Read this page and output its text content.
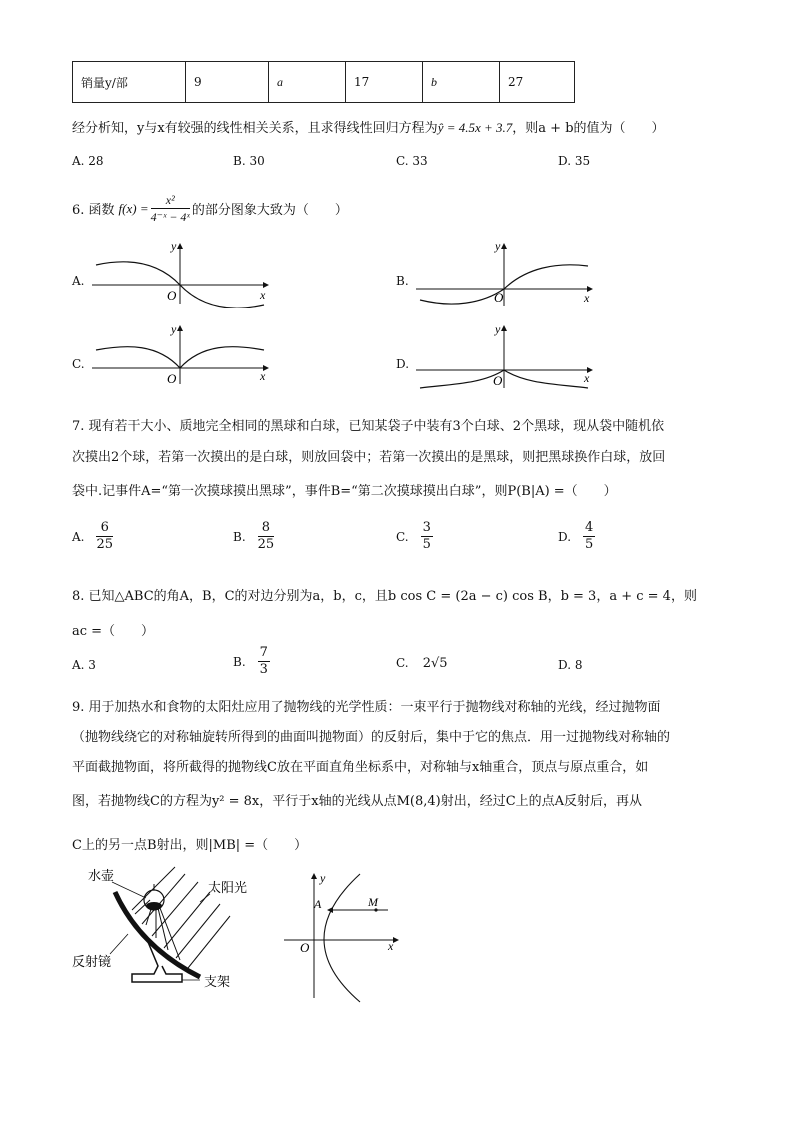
销量y/部	9	a	17	b	27
经分析知，y与x有较强的线性相关关系，且求得线性回归方程为ŷ = 4.5x + 3.7，则a + b的值为（　　）
A. 28	B. 30	C. 33	D. 35
6. 函数 $f(x) = \frac{\text{x²}}{\text{4⁻ˣ − 4ˣ}}$ 的部分图象大致为（　　）
A.	B.
C.	D.
y
x
O
y
x
O
y
x
O
y
x
O
7. 现有若干大小、质地完全相同的黑球和白球，已知某袋子中装有3个白球、2个黑球，现从袋中随机依
次摸出2个球，若第一次摸出的是白球，则放回袋中；若第一次摸出的是黑球，则把黑球换作白球，放回
袋中.记事件A=“第一次摸球摸出黑球”，事件B=“第二次摸球摸出白球”，则P(B|A) =（　　）
A. $\frac{6}{25}$	B. $\frac{8}{25}$	C. $\frac{3}{5}$	D. $\frac{4}{5}$
8. 已知△ABC的角A，B，C的对边分别为a，b，c，且b cos C = (2a − c) cos B，b = 3，a + c = 4，则
ac =（　　）
A. 3	B. $\frac{7}{3}$	C. 2√5	D. 8
9. 用于加热水和食物的太阳灶应用了抛物线的光学性质：一束平行于抛物线对称轴的光线，经过抛物面
（抛物线绕它的对称轴旋转所得到的曲面叫抛物面）的反射后，集中于它的焦点．用一过抛物线对称轴的
平面截抛物面，将所截得的抛物线C放在平面直角坐标系中，对称轴与x轴重合，顶点与原点重合，如
图，若抛物线C的方程为y² = 8x，平行于x轴的光线从点M(8,4)射出，经过C上的点A反射后，再从
C上的另一点B射出，则|MB| =（　　）
水壶
太阳光
反射镜
支架
y
x
O
A	M
